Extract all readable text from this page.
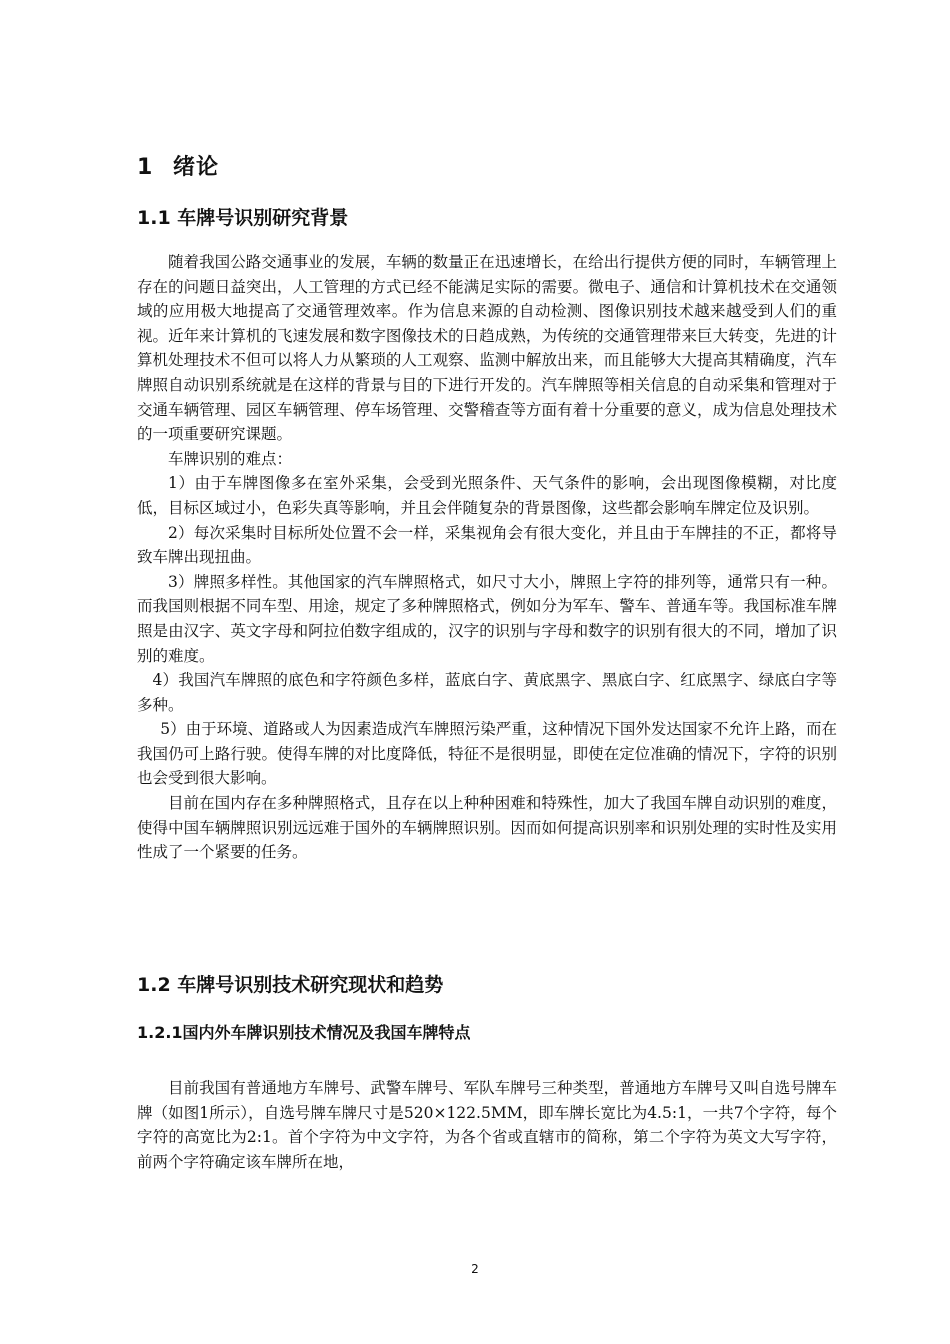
1 绪论
1.1 车牌号识别研究背景

随着我国公路交通事业的发展，车辆的数量正在迅速增长，在给出行提供方便的同时，车辆管理上存在的问题日益突出，人工管理的方式已经不能满足实际的需要。微电子、通信和计算机技术在交通领域的应用极大地提高了交通管理效率。作为信息来源的自动检测、图像识别技术越来越受到人们的重视。近年来计算机的飞速发展和数字图像技术的日趋成熟，为传统的交通管理带来巨大转变，先进的计算机处理技术不但可以将人力从繁琐的人工观察、监测中解放出来，而且能够大大提高其精确度，汽车牌照自动识别系统就是在这样的背景与目的下进行开发的。汽车牌照等相关信息的自动采集和管理对于交通车辆管理、园区车辆管理、停车场管理、交警稽查等方面有着十分重要的意义，成为信息处理技术的一项重要研究课题。

车牌识别的难点：

1）由于车牌图像多在室外采集，会受到光照条件、天气条件的影响，会出现图像模糊，对比度低，目标区域过小，色彩失真等影响，并且会伴随复杂的背景图像，这些都会影响车牌定位及识别。

2）每次采集时目标所处位置不会一样，采集视角会有很大变化，并且由于车牌挂的不正，都将导致车牌出现扭曲。

3）牌照多样性。其他国家的汽车牌照格式，如尺寸大小，牌照上字符的排列等，通常只有一种。而我国则根据不同车型、用途，规定了多种牌照格式，例如分为军车、警车、普通车等。我国标准车牌照是由汉字、英文字母和阿拉伯数字组成的，汉字的识别与字母和数字的识别有很大的不同，增加了识别的难度。

4）我国汽车牌照的底色和字符颜色多样，蓝底白字、黄底黑字、黑底白字、红底黑字、绿底白字等多种。

5）由于环境、道路或人为因素造成汽车牌照污染严重，这种情况下国外发达国家不允许上路，而在我国仍可上路行驶。使得车牌的对比度降低，特征不是很明显，即使在定位准确的情况下，字符的识别也会受到很大影响。

目前在国内存在多种牌照格式，且存在以上种种困难和特殊性，加大了我国车牌自动识别的难度，使得中国车辆牌照识别远远难于国外的车辆牌照识别。因而如何提高识别率和识别处理的实时性及实用性成了一个紧要的任务。

1.2 车牌号识别技术研究现状和趋势
1.2.1国内外车牌识别技术情况及我国车牌特点

目前我国有普通地方车牌号、武警车牌号、军队车牌号三种类型，普通地方车牌号又叫自选号牌车牌（如图1所示），自选号牌车牌尺寸是520×122.5MM，即车牌长宽比为4.5:1，一共7个字符，每个字符的高宽比为2:1。首个字符为中文字符，为各个省或直辖市的简称，第二个字符为英文大写字符，前两个字符确定该车牌所在地，

2
